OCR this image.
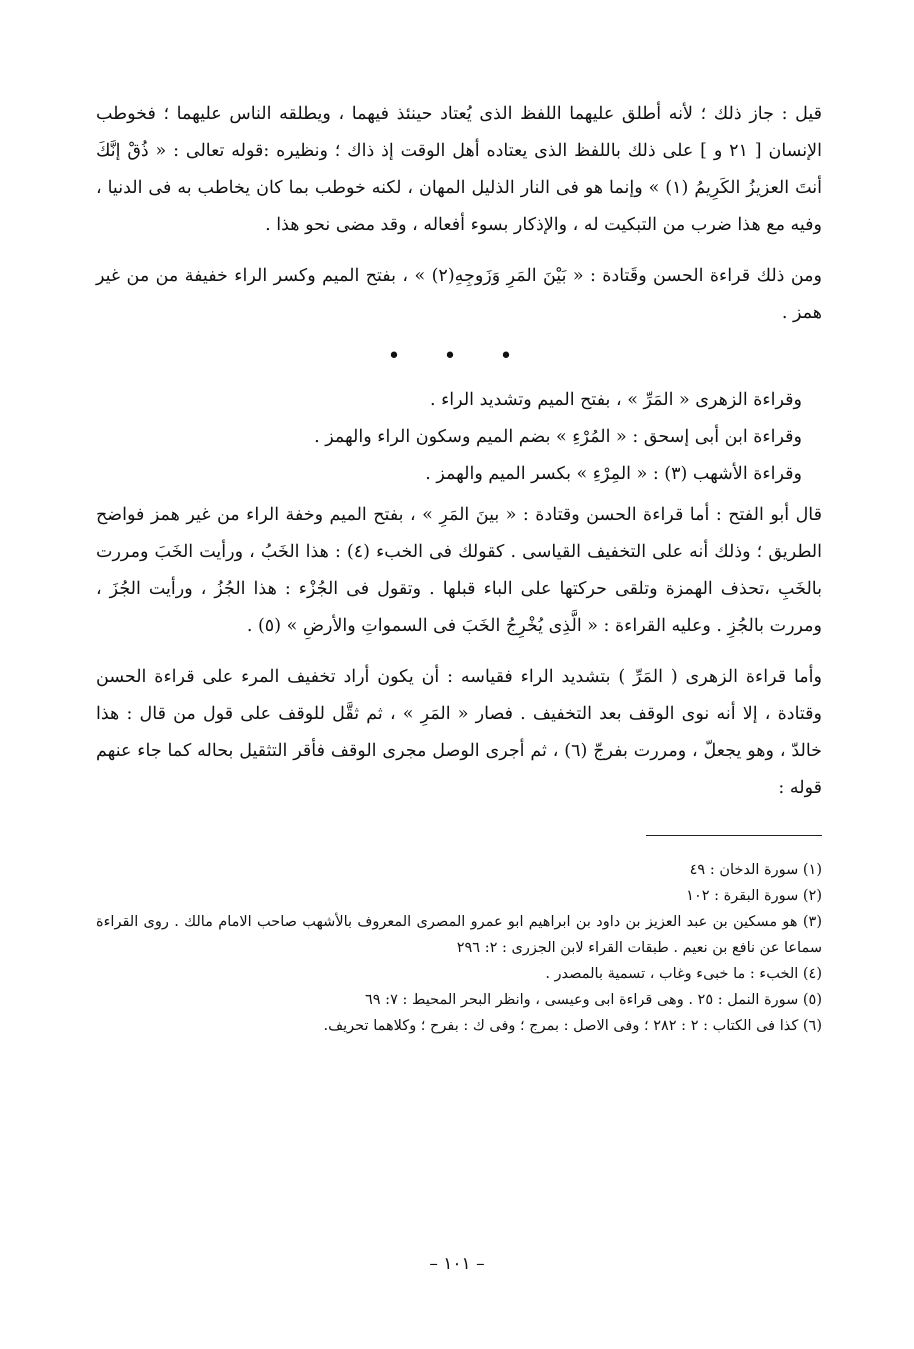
قيل : جاز ذلك ؛ لأنه أطلق عليهما اللفظ الذى يُعتاد حينئذ فيهما ، ويطلقه الناس عليهما ؛ فخوطب الإنسان [ ٢١ و ] على ذلك باللفظ الذى يعتاده أهل الوقت إذ ذاك ؛ ونظيره :قوله تعالى : « ذُقْ إنَّكَ أنتَ العزيزُ الكَرِيمُ (١) » وإنما هو فى النار الذليل المهان ، لكنه خوطب بما كان يخاطب به فى الدنيا ، وفيه مع هذا ضرب من التبكيت له ، والإذكار بسوء أفعاله ، وقد مضى نحو هذا .

ومن ذلك قراءة الحسن وقَتادة : « بَيْنَ المَرِ وَزَوجِهِ(٢) » ، بفتح الميم وكسر الراء خفيفة من من غير همز .

• • •
وقراءة الزهرى « المَرِّ » ، بفتح الميم وتشديد الراء .
وقراءة ابن أبى إسحق : « المُرْءِ » بضم الميم وسكون الراء والهمز .
وقراءة الأشهب (٣) : « المِرْءِ » بكسر الميم والهمز .

قال أبو الفتح : أما قراءة الحسن وقتادة : « بينَ المَرِ » ، بفتح الميم وخفة الراء من غير همز فواضح الطريق ؛ وذلك أنه على التخفيف القياسى . كقولك فى الخبء (٤) : هذا الخَبُ ، ورأيت الخَبَ ومررت بالخَبِ ،تحذف الهمزة وتلقى حركتها على الباء قبلها . وتقول فى الجُزْء : هذا الجُزُ ، ورأيت الجُزَ ، ومررت بالجُزِ . وعليه القراءة : « الَّذِى يُخْرِجُ الخَبَ فى السمواتِ والأرضِ » (٥) .

وأما قراءة الزهرى ( المَرِّ ) بتشديد الراء فقياسه : أن يكون أراد تخفيف المرء على قراءة الحسن وقتادة ، إلا أنه نوى الوقف بعد التخفيف . فصار « المَرِ » ، ثم ثقَّل للوقف على قول من قال : هذا خالدّ ، وهو يجعلّ ، ومررت بفرجّ (٦) ، ثم أجرى الوصل مجرى الوقف فأقر التثقيل بحاله كما جاء عنهم قوله :

(١) سورة الدخان : ٤٩
(٢) سورة البقرة : ١٠٢
(٣) هو مسكين بن عبد العزيز بن داود بن ابراهيم ابو عمرو المصرى المعروف بالأشهب صاحب الامام مالك . روى القراءة سماعا عن نافع بن نعيم . طبقات القراء لابن الجزرى : ٢: ٢٩٦
(٤) الخبء : ما خبىء وغاب ، تسمية بالمصدر .
(٥) سورة النمل : ٢٥ . وهى قراءة ابى وعيسى ، وانظر البحر المحيط : ٧: ٦٩
(٦) كذا فى الكتاب : ٢ : ٢٨٢ ؛ وفى الاصل : بمرج ؛ وفى ك : بفرح ؛ وكلاهما تحريف.
– ١٠١ –
